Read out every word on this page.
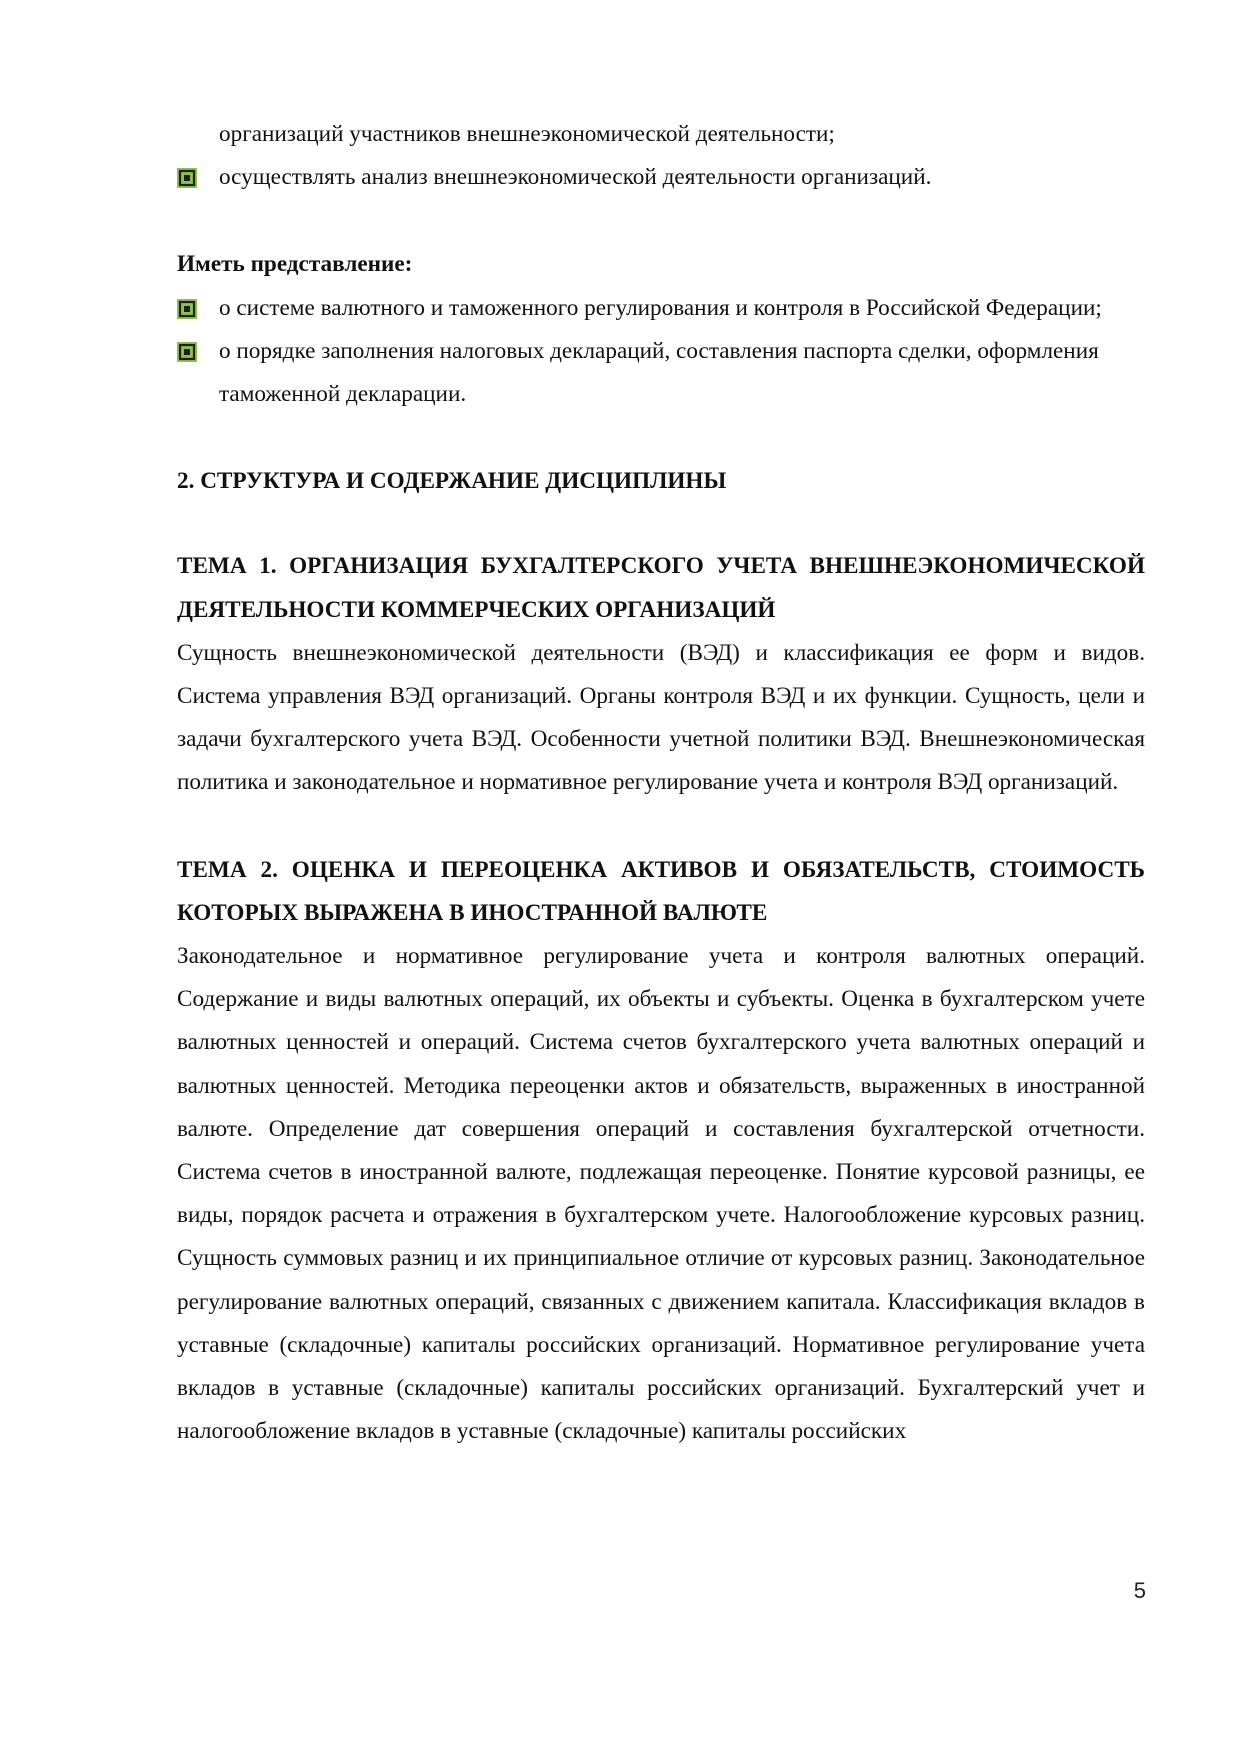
организаций участников внешнеэкономической деятельности;
осуществлять анализ внешнеэкономической деятельности организаций.
Иметь представление:
о системе валютного и таможенного регулирования и контроля в Российской Федерации;
о порядке заполнения налоговых деклараций, составления паспорта сделки, оформления таможенной декларации.
2. СТРУКТУРА И СОДЕРЖАНИЕ ДИСЦИПЛИНЫ
ТЕМА 1. ОРГАНИЗАЦИЯ БУХГАЛТЕРСКОГО УЧЕТА ВНЕШНЕЭКОНОМИЧЕСКОЙ ДЕЯТЕЛЬНОСТИ КОММЕРЧЕСКИХ ОРГАНИЗАЦИЙ

Сущность внешнеэкономической деятельности (ВЭД) и классификация ее форм и видов. Система управления ВЭД организаций. Органы контроля ВЭД и их функции. Сущность, цели и задачи бухгалтерского учета ВЭД. Особенности учетной политики ВЭД. Внешнеэкономическая политика и законодательное и нормативное регулирование учета и контроля ВЭД организаций.

ТЕМА 2. ОЦЕНКА И ПЕРЕОЦЕНКА АКТИВОВ И ОБЯЗАТЕЛЬСТВ, СТОИМОСТЬ КОТОРЫХ ВЫРАЖЕНА В ИНОСТРАННОЙ ВАЛЮТЕ

Законодательное и нормативное регулирование учета и контроля валютных операций. Содержание и виды валютных операций, их объекты и субъекты. Оценка в бухгалтерском учете валютных ценностей и операций. Система счетов бухгалтерского учета валютных операций и валютных ценностей. Методика переоценки актов и обязательств, выраженных в иностранной валюте. Определение дат совершения операций и составления бухгалтерской отчетности. Система счетов в иностранной валюте, подлежащая переоценке. Понятие курсовой разницы, ее виды, порядок расчета и отражения в бухгалтерском учете. Налогообложение курсовых разниц. Сущность суммовых разниц и их принципиальное отличие от курсовых разниц. Законодательное регулирование валютных операций, связанных с движением капитала. Классификация вкладов в уставные (складочные) капиталы российских организаций. Нормативное регулирование учета вкладов в уставные (складочные) капиталы российских организаций. Бухгалтерский учет и налогообложение вкладов в уставные (складочные) капиталы российских

5
